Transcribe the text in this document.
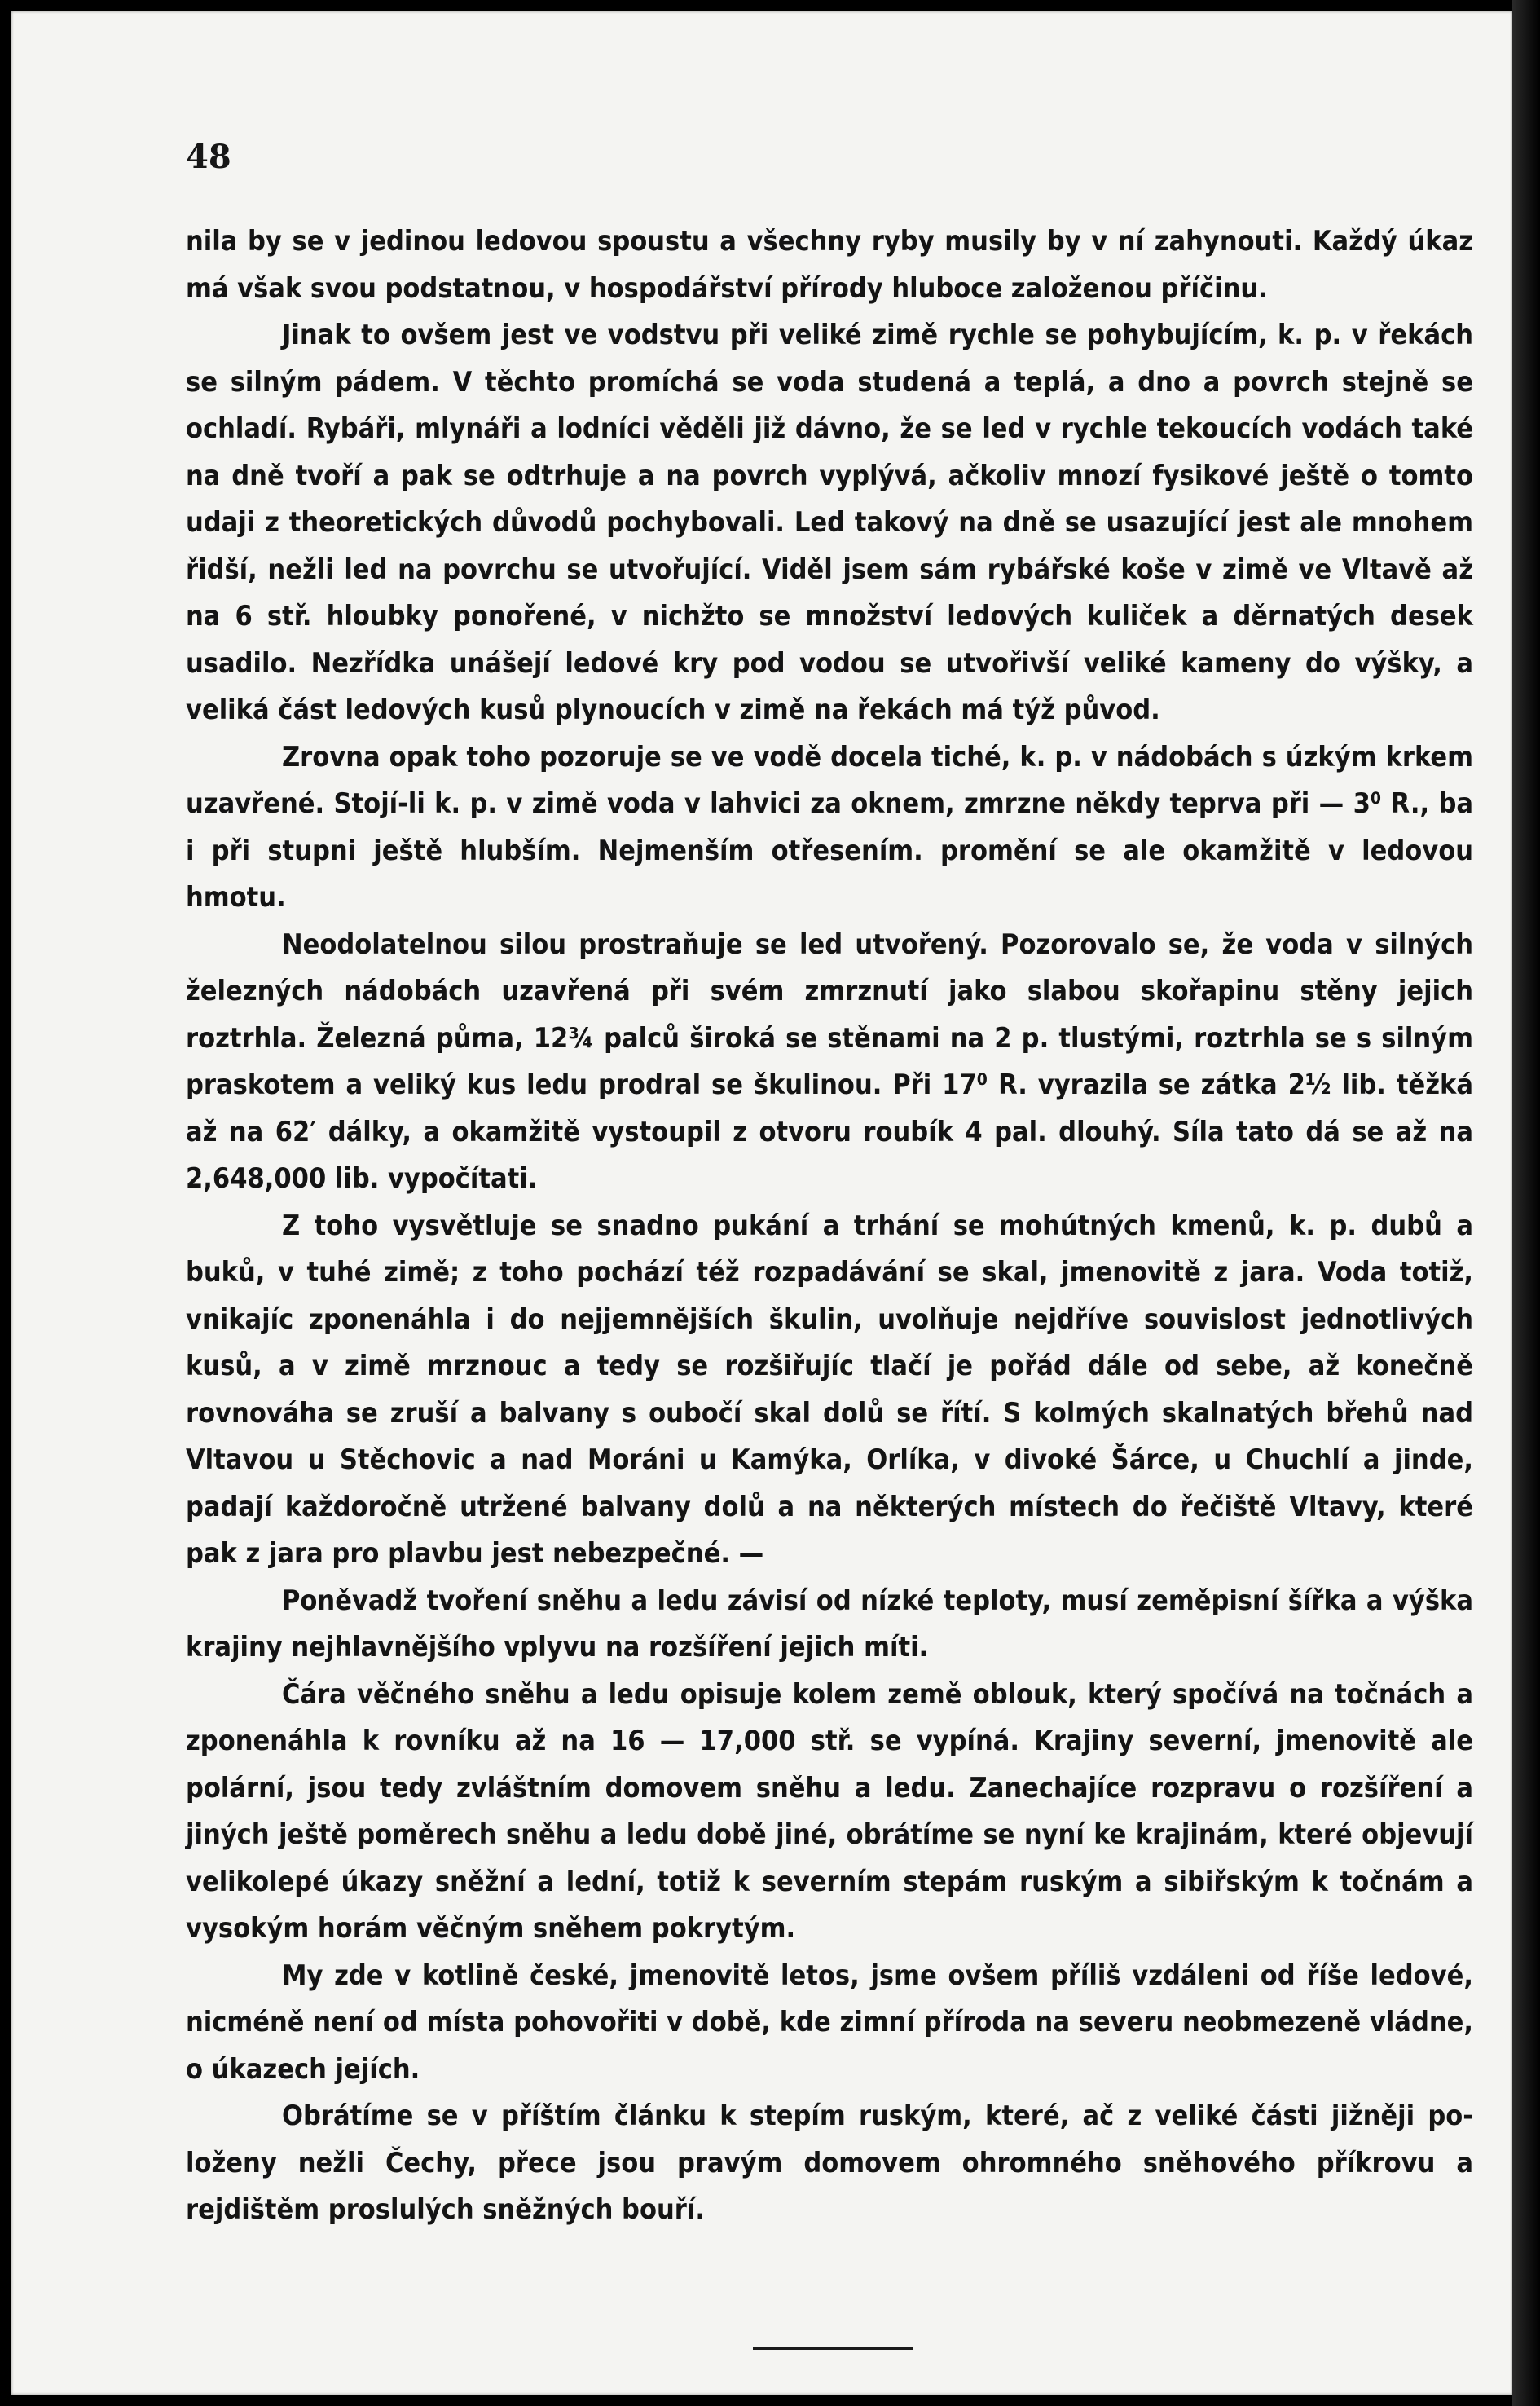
48

nila by se v jedinou ledovou spoustu a všechny ryby musily by v ní zahynouti. Každý úkaz má však svou podstatnou, v hospodářství přírody hluboce založenou příčinu.

Jinak to ovšem jest ve vodstvu při veliké zimě rychle se pohybujícím, k. p. v řekách se silným pádem. V těchto promíchá se voda studená a teplá, a dno a povrch stejně se ochladí. Rybáři, mlynáři a lodníci věděli již dávno, že se led v rychle tekoucích vodách také na dně tvoří a pak se odtrhuje a na povrch vyplývá, ačkoliv mnozí fysikové ještě o tomto udaji z theoretických důvodů pochybovali. Led takový na dně se usazující jest ale mnohem řidší, nežli led na povrchu se utvořující. Viděl jsem sám rybářské koše v zimě ve Vltavě až na 6 stř. hloubky ponořené, v nichžto se množství ledových kuliček a děrnatých desek usadilo. Nezřídka unášejí ledové kry pod vodou se utvořivší veliké kameny do výšky, a veliká část ledových kusů plynoucích v zimě na řekách má týž původ.

Zrovna opak toho pozoruje se ve vodě docela tiché, k. p. v nádobách s úzkým krkem uzavřené. Stojí-li k. p. v zimě voda v lahvici za oknem, zmrzne někdy teprva při — 3⁰ R., ba i při stupni ještě hlubším. Nejmenším otřesením. promění se ale okamžitě v ledovou hmotu.

Neodolatelnou silou prostraňuje se led utvořený. Pozorovalo se, že voda v silných železných nádobách uzavřená při svém zmrznutí jako slabou skořapinu stěny jejich roztrhla. Železná půma, 12¾ palců široká se stěnami na 2 p. tlustými, roztrhla se s silným praskotem a veliký kus ledu prodral se škulinou. Při 17⁰ R. vyrazila se zátka 2½ lib. těžká až na 62′ dálky, a okamžitě vystoupil z otvoru roubík 4 pal. dlouhý. Síla tato dá se až na 2,648,000 lib. vypočítati.

Z toho vysvětluje se snadno pukání a trhání se mohútných kmenů, k. p. dubů a buků, v tuhé zimě; z toho pochází též rozpadávání se skal, jmenovitě z jara. Voda totiž, vnikajíc zponenáhla i do nejjemnějších škulin, uvolňuje nejdříve souvislost jednotlivých kusů, a v zimě mrznouc a tedy se rozšiřujíc tlačí je pořád dále od sebe, až konečně rovnováha se zruší a balvany s oubočí skal dolů se řítí. S kolmých skalnatých břehů nad Vltavou u Stěchovic a nad Moráni u Kamýka, Orlíka, v divoké Šárce, u Chuchlí a jinde, padají každoročně utržené balvany dolů a na některých místech do řečiště Vltavy, které pak z jara pro plavbu jest nebezpečné. —

Poněvadž tvoření sněhu a ledu závisí od nízké teploty, musí zeměpisní šířka a výška krajiny nejhlavnějšího vplyvu na rozšíření jejich míti.

Čára věčného sněhu a ledu opisuje kolem země oblouk, který spočívá na točnách a zponenáhla k rovníku až na 16 — 17,000 stř. se vypíná. Krajiny severní, jmenovitě ale polární, jsou tedy zvláštním domovem sněhu a ledu. Zanechajíce rozpravu o rozšíření a jiných ještě poměrech sněhu a ledu době jiné, obrátíme se nyní ke krajinám, které objevují velikolepé úkazy sněžní a lední, totiž k severním stepám ruským a sibiřským k točnám a vysokým horám věčným sněhem pokrytým.

My zde v kotlině české, jmenovitě letos, jsme ovšem příliš vzdáleni od říše ledové, nicméně není od místa pohovořiti v době, kde zimní příroda na severu neobmezeně vládne, o úkazech jejích.

Obrátíme se v příštím článku k stepím ruským, které, ač z veliké části jižněji položeny nežli Čechy, přece jsou pravým domovem ohromného sněhového příkrovu a rejdištěm proslulých sněžných bouří.
